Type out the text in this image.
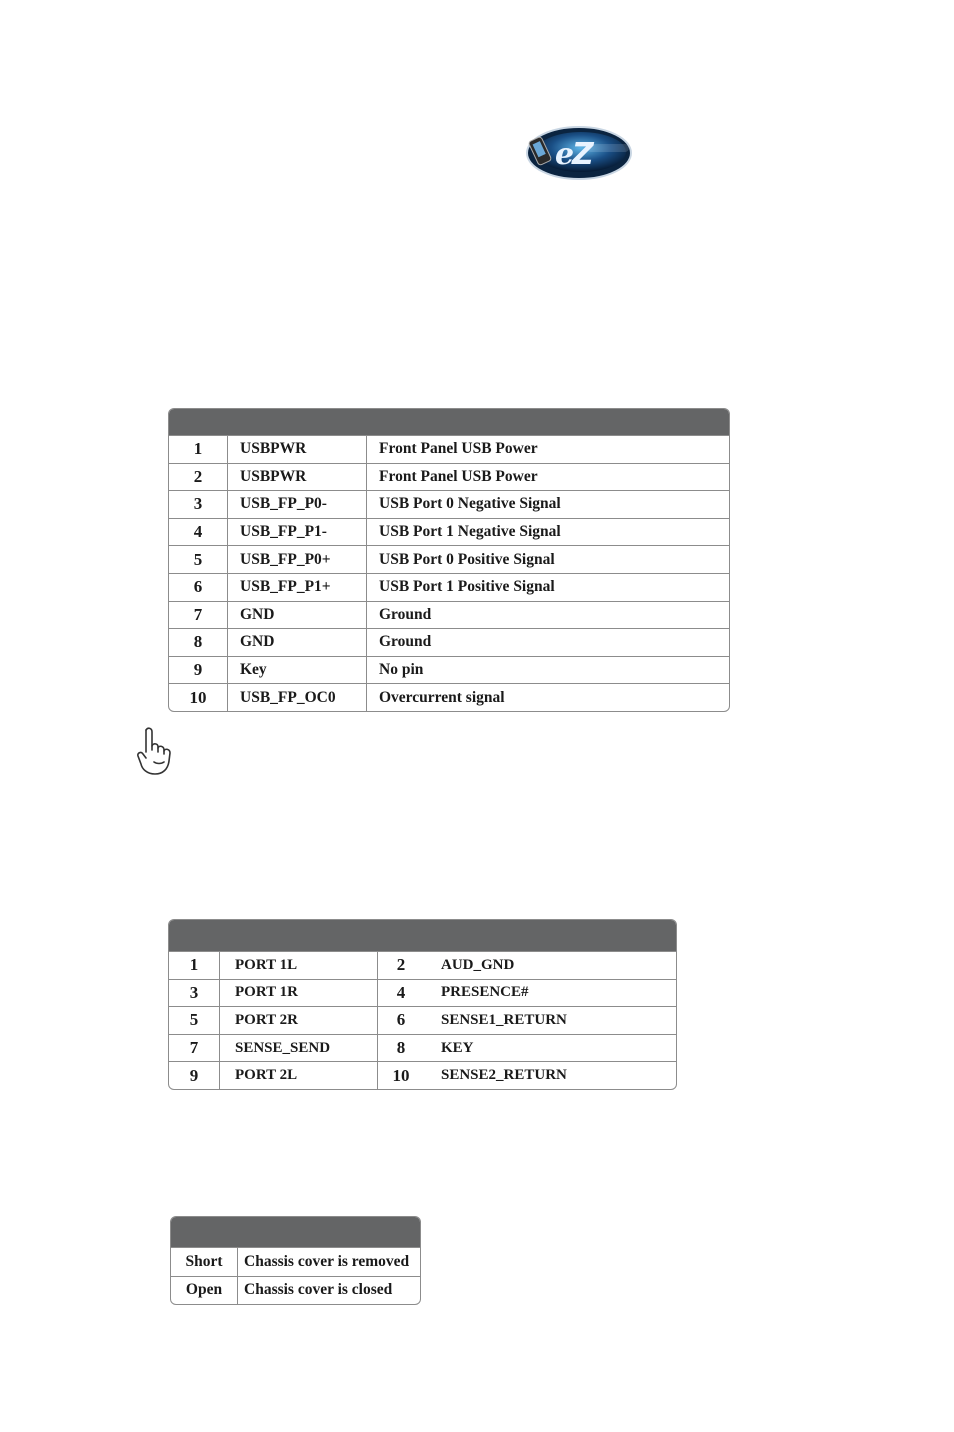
e
Z
1	USBPWR	Front Panel USB Power
2	USBPWR	Front Panel USB Power
3	USB_FP_P0-	USB Port 0 Negative Signal
4	USB_FP_P1-	USB Port 1 Negative Signal
5	USB_FP_P0+	USB Port 0 Positive Signal
6	USB_FP_P1+	USB Port 1 Positive Signal
7	GND	Ground
8	GND	Ground
9	Key	No pin
10	USB_FP_OC0	Overcurrent signal
1	PORT 1L	2	AUD_GND
3	PORT 1R	4	PRESENCE#
5	PORT 2R	6	SENSE1_RETURN
7	SENSE_SEND	8	KEY
9	PORT 2L	10	SENSE2_RETURN
Short	Chassis cover is removed
Open	Chassis cover is closed
